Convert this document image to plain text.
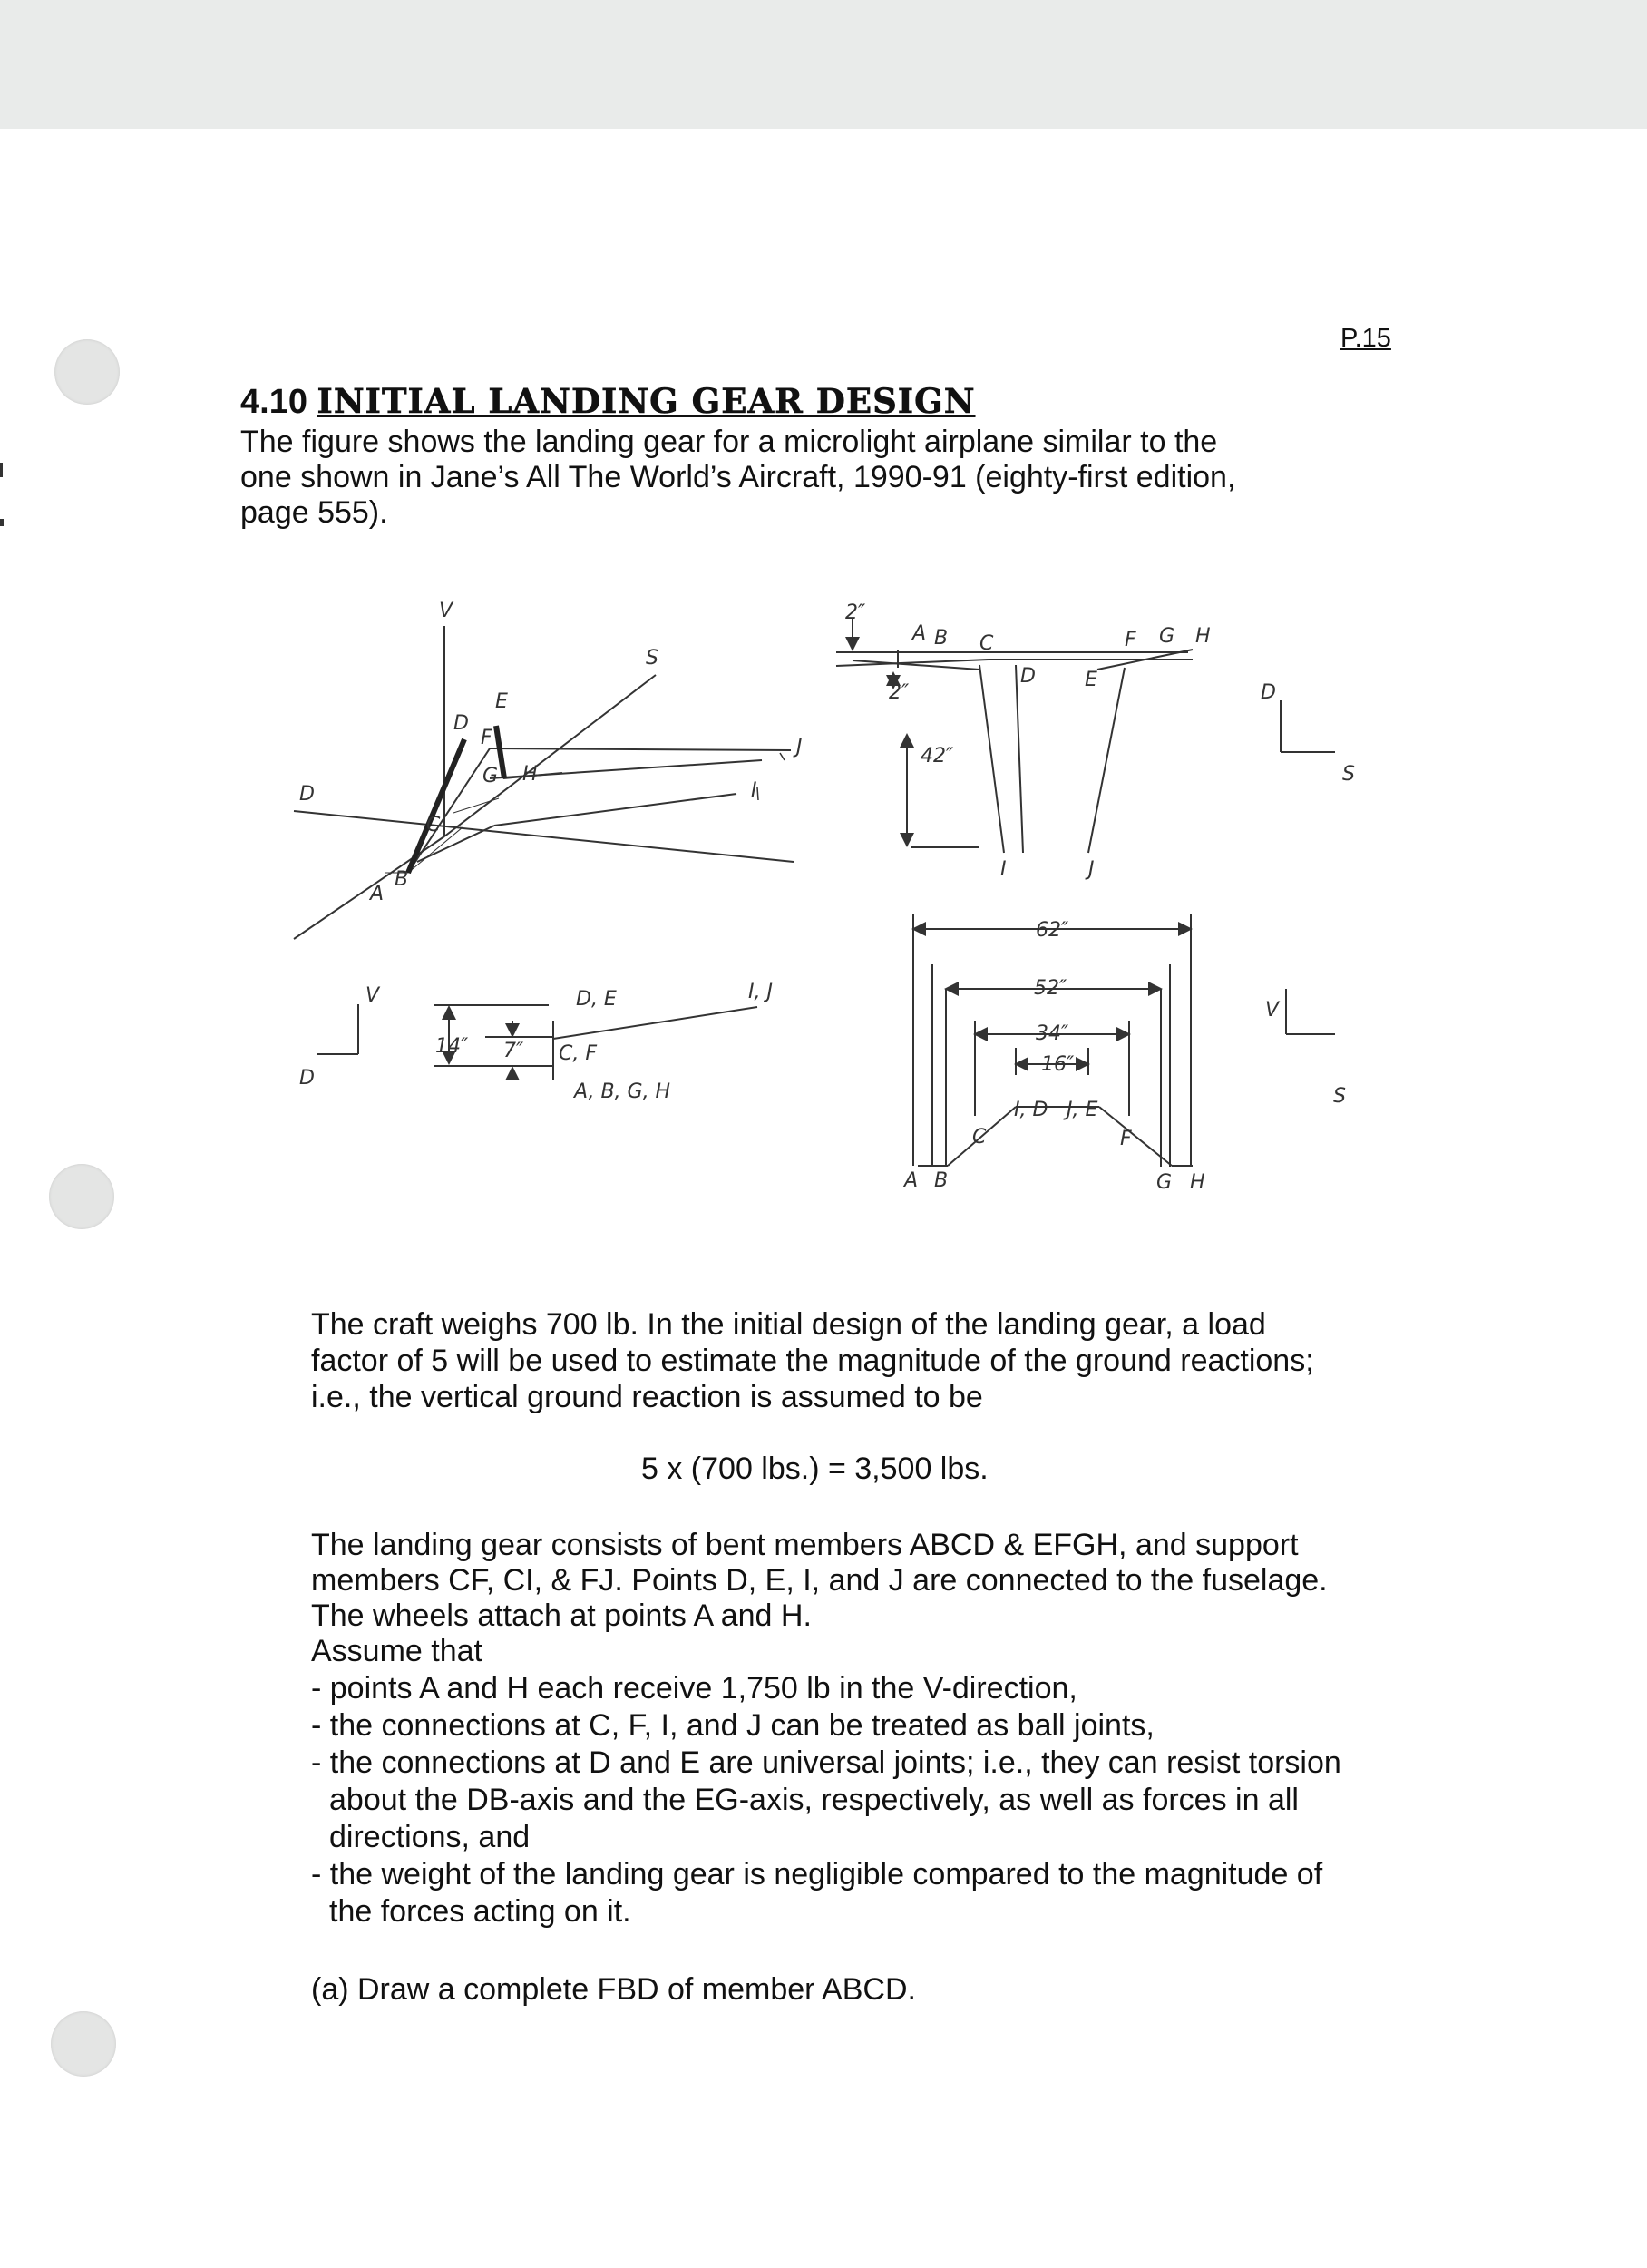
P.15
4.10 INITIAL LANDING GEAR DESIGN
The figure shows the landing gear for a microlight airplane similar to the
one shown in Jane’s All The World’s Aircraft, 1990-91 (eighty-first edition,
page 555).
V
S
D
A
B
C
D
E
F
G H
I
J
2″
2″
42″
A B C
D E
F G H
I	J
D
S
V
S
V
D
62″
52″
34″
16″
I, D J, E
C	F
A B	G H
A, B, G, H
C, F
D, E	I, J
14″ 7″
The craft weighs 700 lb. In the initial design of the landing gear, a load
factor of 5 will be used to estimate the magnitude of the ground reactions;
i.e., the vertical ground reaction is assumed to be
5 x (700 lbs.) = 3,500 lbs.
The landing gear consists of bent members ABCD & EFGH, and support
members CF, CI, & FJ. Points D, E, I, and J are connected to the fuselage.
The wheels attach at points A and H.
Assume that
- points A and H each receive 1,750 lb in the V-direction,
- the connections at C, F, I, and J can be treated as ball joints,
- the connections at D and E are universal joints; i.e., they can resist torsion
about the DB-axis and the EG-axis, respectively, as well as forces in all
directions, and
- the weight of the landing gear is negligible compared to the magnitude of
the forces acting on it.
(a) Draw a complete FBD of member ABCD.
